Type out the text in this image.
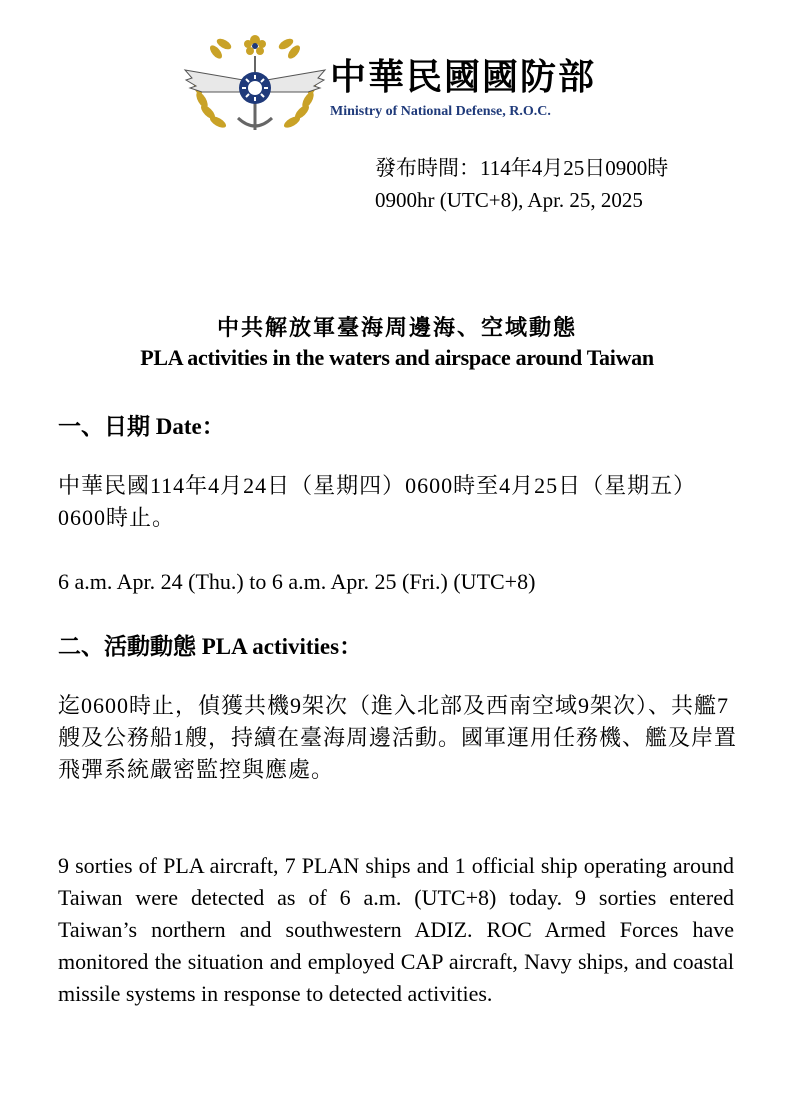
中華民國國防部
Ministry of National Defense, R.O.C.
發布時間：114年4月25日0900時
0900hr (UTC+8), Apr. 25, 2025
中共解放軍臺海周邊海、空域動態
PLA activities in the waters and airspace around Taiwan
一、日期 Date：
中華民國114年4月24日（星期四）0600時至4月25日（星期五）0600時止。
6 a.m. Apr. 24 (Thu.) to 6 a.m. Apr. 25 (Fri.) (UTC+8)
二、活動動態 PLA activities：
迄0600時止，偵獲共機9架次（進入北部及西南空域9架次）、共艦7艘及公務船1艘，持續在臺海周邊活動。國軍運用任務機、艦及岸置飛彈系統嚴密監控與應處。
9 sorties of PLA aircraft, 7 PLAN ships and 1 official ship operating around Taiwan were detected as of 6 a.m. (UTC+8) today. 9 sorties entered Taiwan’s northern and southwestern ADIZ. ROC Armed Forces have monitored the situation and employed CAP aircraft, Navy ships, and coastal missile systems in response to detected activities.
